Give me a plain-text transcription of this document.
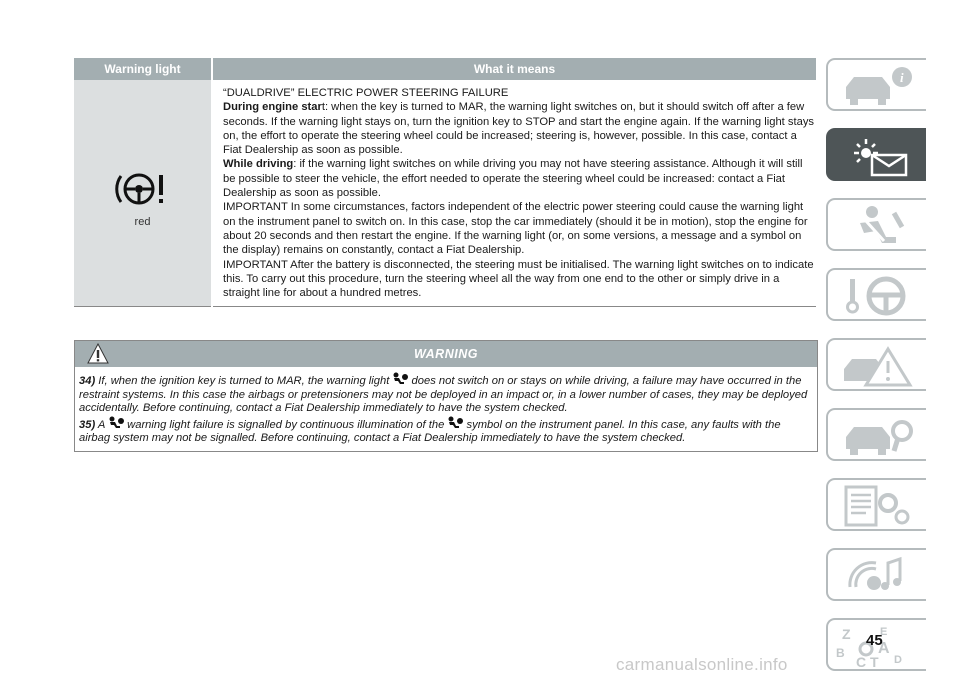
Warning light	What it means

red	“DUALDRIVE” ELECTRIC POWER STEERING FAILURE

During engine start: when the key is turned to MAR, the warning light switches on, but it should switch off after a few seconds. If the warning light stays on, turn the ignition key to STOP and start the engine again. If the warning light stays on, the effort to operate the steering wheel could be increased; steering is, however, possible. In this case, contact a Fiat Dealership as soon as possible.

While driving: if the warning light switches on while driving you may not have steering assistance. Although it will still be possible to steer the vehicle, the effort needed to operate the steering wheel could be increased: contact a Fiat Dealership as soon as possible.

IMPORTANT In some circumstances, factors independent of the electric power steering could cause the warning light on the instrument panel to switch on. In this case, stop the car immediately (should it be in motion), stop the engine for about 20 seconds and then restart the engine. If the warning light (or, on some versions, a message and a symbol on the display) remains on constantly, contact a Fiat Dealership.

IMPORTANT After the battery is disconnected, the steering must be initialised. The warning light switches on to indicate this. To carry out this procedure, turn the steering wheel all the way from one end to the other or simply drive in a straight line for about a hundred metres.

WARNING

34) If, when the ignition key is turned to MAR, the warning light  does not switch on or stays on while driving, a failure may have occurred in the restraint systems. In this case the airbags or pretensioners may not be deployed in an impact or, in a lower number of cases, they may be deployed accidentally. Before continuing, contact a Fiat Dealership immediately to have the system checked.

35) A  warning light failure is signalled by continuous illumination of the  symbol on the instrument panel. In this case, any faults with the airbag system may not be signalled. Before continuing, contact a Fiat Dealership immediately to have the system checked.

i
Z	E
B A
D
C T
45
carmanualsonline.info
